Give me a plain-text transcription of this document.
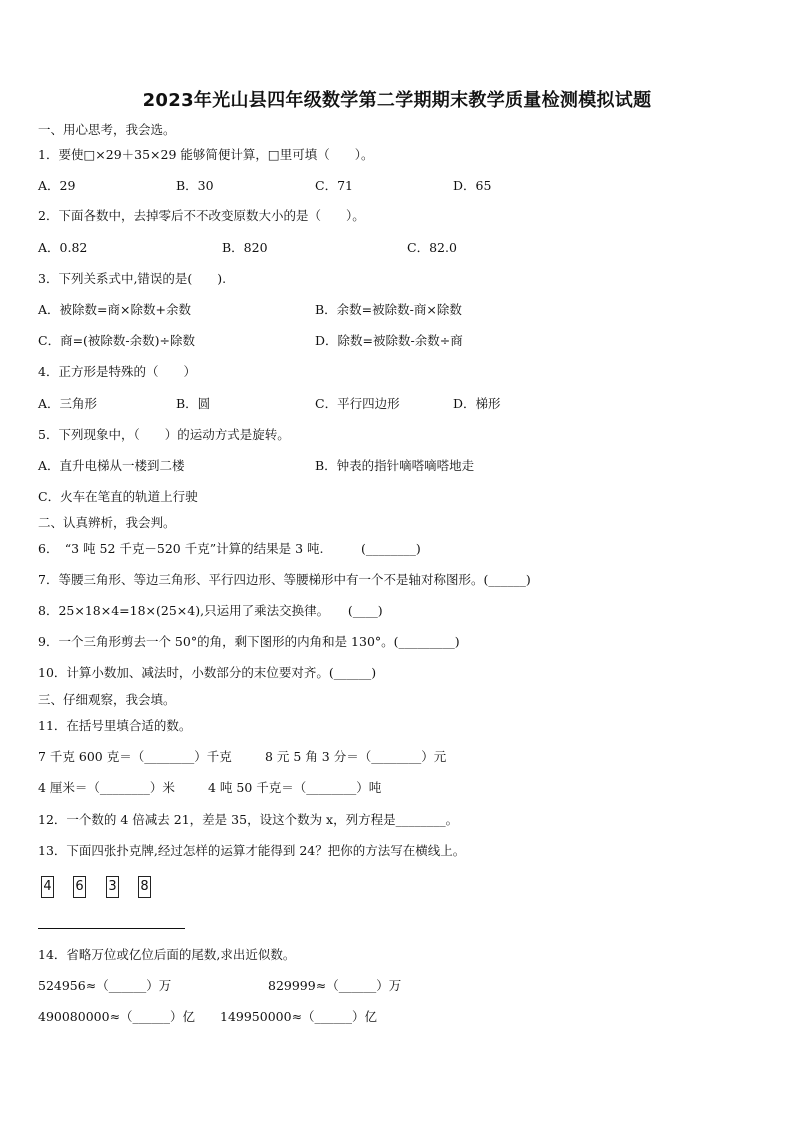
2023年光山县四年级数学第二学期期末教学质量检测模拟试题
一、用心思考，我会选。
1．要使□×29＋35×29 能够简便计算，□里可填（　　）。
A．29	B．30	C．71	D．65
2．下面各数中，去掉零后不不改变原数大小的是（　　）。
A．0.82	B．820	C．82.0
3．下列关系式中,错误的是(　　).
A．被除数=商×除数+余数	B．余数=被除数-商×除数
C．商=(被除数-余数)÷除数	D．除数=被除数-余数÷商
4．正方形是特殊的（　　）
A．三角形	B．圆	C．平行四边形	D．梯形
5．下列现象中，（　　）的运动方式是旋转。
A．直升电梯从一楼到二楼	B．钟表的指针嘀嗒嘀嗒地走
C．火车在笔直的轨道上行驶
二、认真辨析，我会判。
6．　“3 吨 52 千克－520 千克”计算的结果是 3 吨.　　　(________)
7．等腰三角形、等边三角形、平行四边形、等腰梯形中有一个不是轴对称图形。(______)
8．25×18×4=18×(25×4),只运用了乘法交换律。　　(____)
9．一个三角形剪去一个 50°的角，剩下图形的内角和是 130°。(_________)
10．计算小数加、减法时，小数部分的末位要对齐。(______)
三、仔细观察，我会填。
11．在括号里填合适的数。
7 千克 600 克＝（________）千克	8 元 5 角 3 分＝（________）元
4 厘米＝（________）米	4 吨 50 千克＝（________）吨
12．一个数的 4 倍减去 21，差是 35，设这个数为 x，列方程是________。
13．下面四张扑克牌,经过怎样的运算才能得到 24？把你的方法写在横线上。
4 6 3 8
14．省略万位或亿位后面的尾数,求出近似数。
524956≈（______）万	829999≈（______）万
490080000≈（______）亿 149950000≈（______）亿
